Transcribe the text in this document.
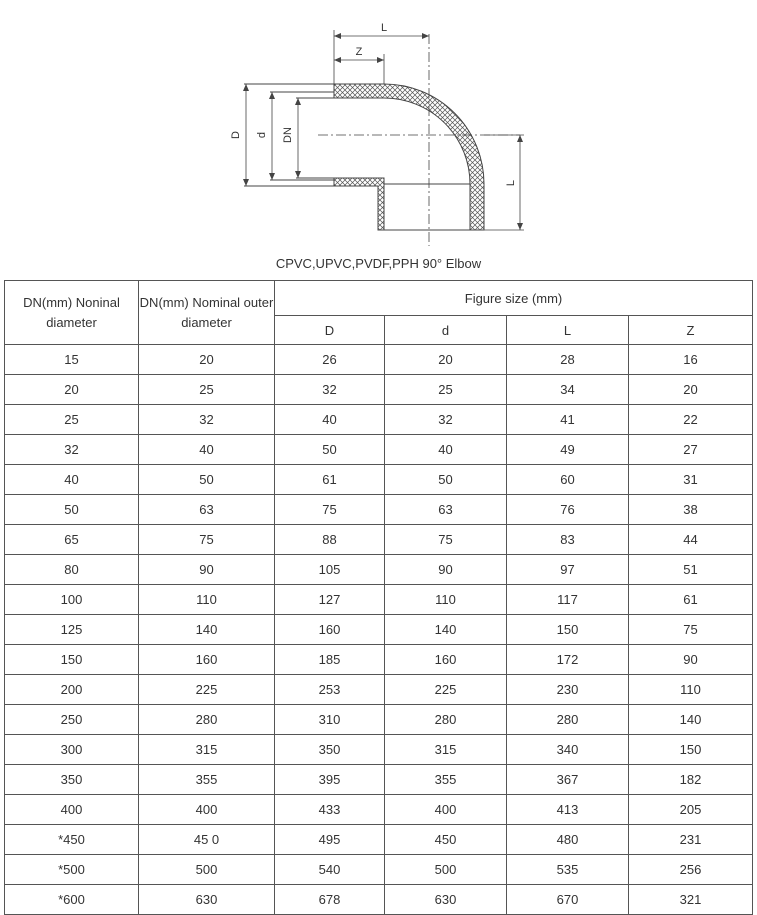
L
Z
D d DN
L
CPVC,UPVC,PVDF,PPH 90° Elbow
DN(mm) Noninal diameter	DN(mm) Nominal outer diameter	Figure size (mm)			
		D	d	L	Z
15	20	26	20	28	16
20	25	32	25	34	20
25	32	40	32	41	22
32	40	50	40	49	27
40	50	61	50	60	31
50	63	75	63	76	38
65	75	88	75	83	44
80	90	105	90	97	51
100	110	127	110	117	61
125	140	160	140	150	75
150	160	185	160	172	90
200	225	253	225	230	110
250	280	310	280	280	140
300	315	350	315	340	150
350	355	395	355	367	182
400	400	433	400	413	205
*450	45 0	495	450	480	231
*500	500	540	500	535	256
*600	630	678	630	670	321
